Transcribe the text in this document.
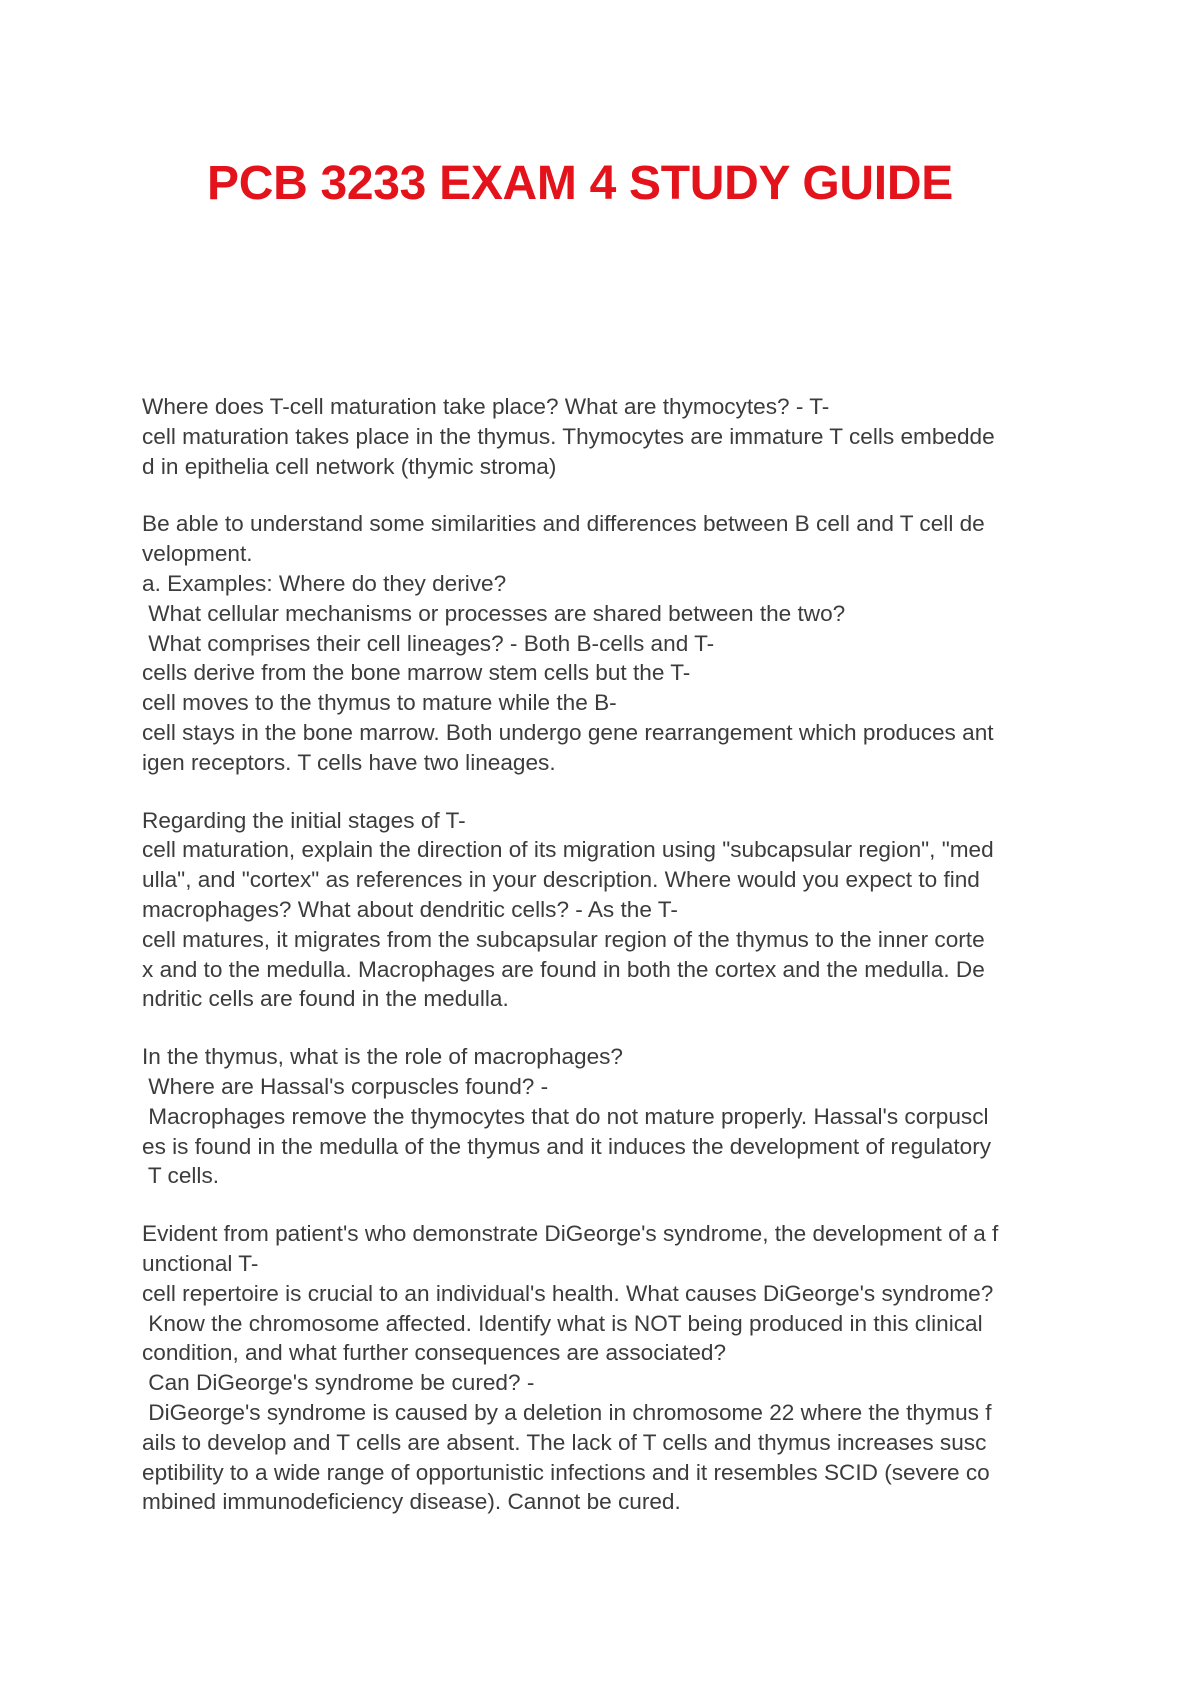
PCB 3233 EXAM 4 STUDY GUIDE
Where does T-cell maturation take place? What are thymocytes? - T-
cell maturation takes place in the thymus. Thymocytes are immature T cells embedde
d in epithelia cell network (thymic stroma)
Be able to understand some similarities and differences between B cell and T cell de
velopment.
a. Examples: Where do they derive?
What cellular mechanisms or processes are shared between the two?
What comprises their cell lineages? - Both B-cells and T-
cells derive from the bone marrow stem cells but the T-
cell moves to the thymus to mature while the B-
cell stays in the bone marrow. Both undergo gene rearrangement which produces ant
igen receptors. T cells have two lineages.
Regarding the initial stages of T-
cell maturation, explain the direction of its migration using "subcapsular region", "med
ulla", and "cortex" as references in your description. Where would you expect to find
macrophages? What about dendritic cells? - As the T-
cell matures, it migrates from the subcapsular region of the thymus to the inner corte
x and to the medulla. Macrophages are found in both the cortex and the medulla. De
ndritic cells are found in the medulla.
In the thymus, what is the role of macrophages?
Where are Hassal's corpuscles found? -
Macrophages remove the thymocytes that do not mature properly. Hassal's corpuscl
es is found in the medulla of the thymus and it induces the development of regulatory
T cells.
Evident from patient's who demonstrate DiGeorge's syndrome, the development of a f
unctional T-
cell repertoire is crucial to an individual's health. What causes DiGeorge's syndrome?
Know the chromosome affected. Identify what is NOT being produced in this clinical
condition, and what further consequences are associated?
Can DiGeorge's syndrome be cured? -
DiGeorge's syndrome is caused by a deletion in chromosome 22 where the thymus f
ails to develop and T cells are absent. The lack of T cells and thymus increases susc
eptibility to a wide range of opportunistic infections and it resembles SCID (severe co
mbined immunodeficiency disease). Cannot be cured.
